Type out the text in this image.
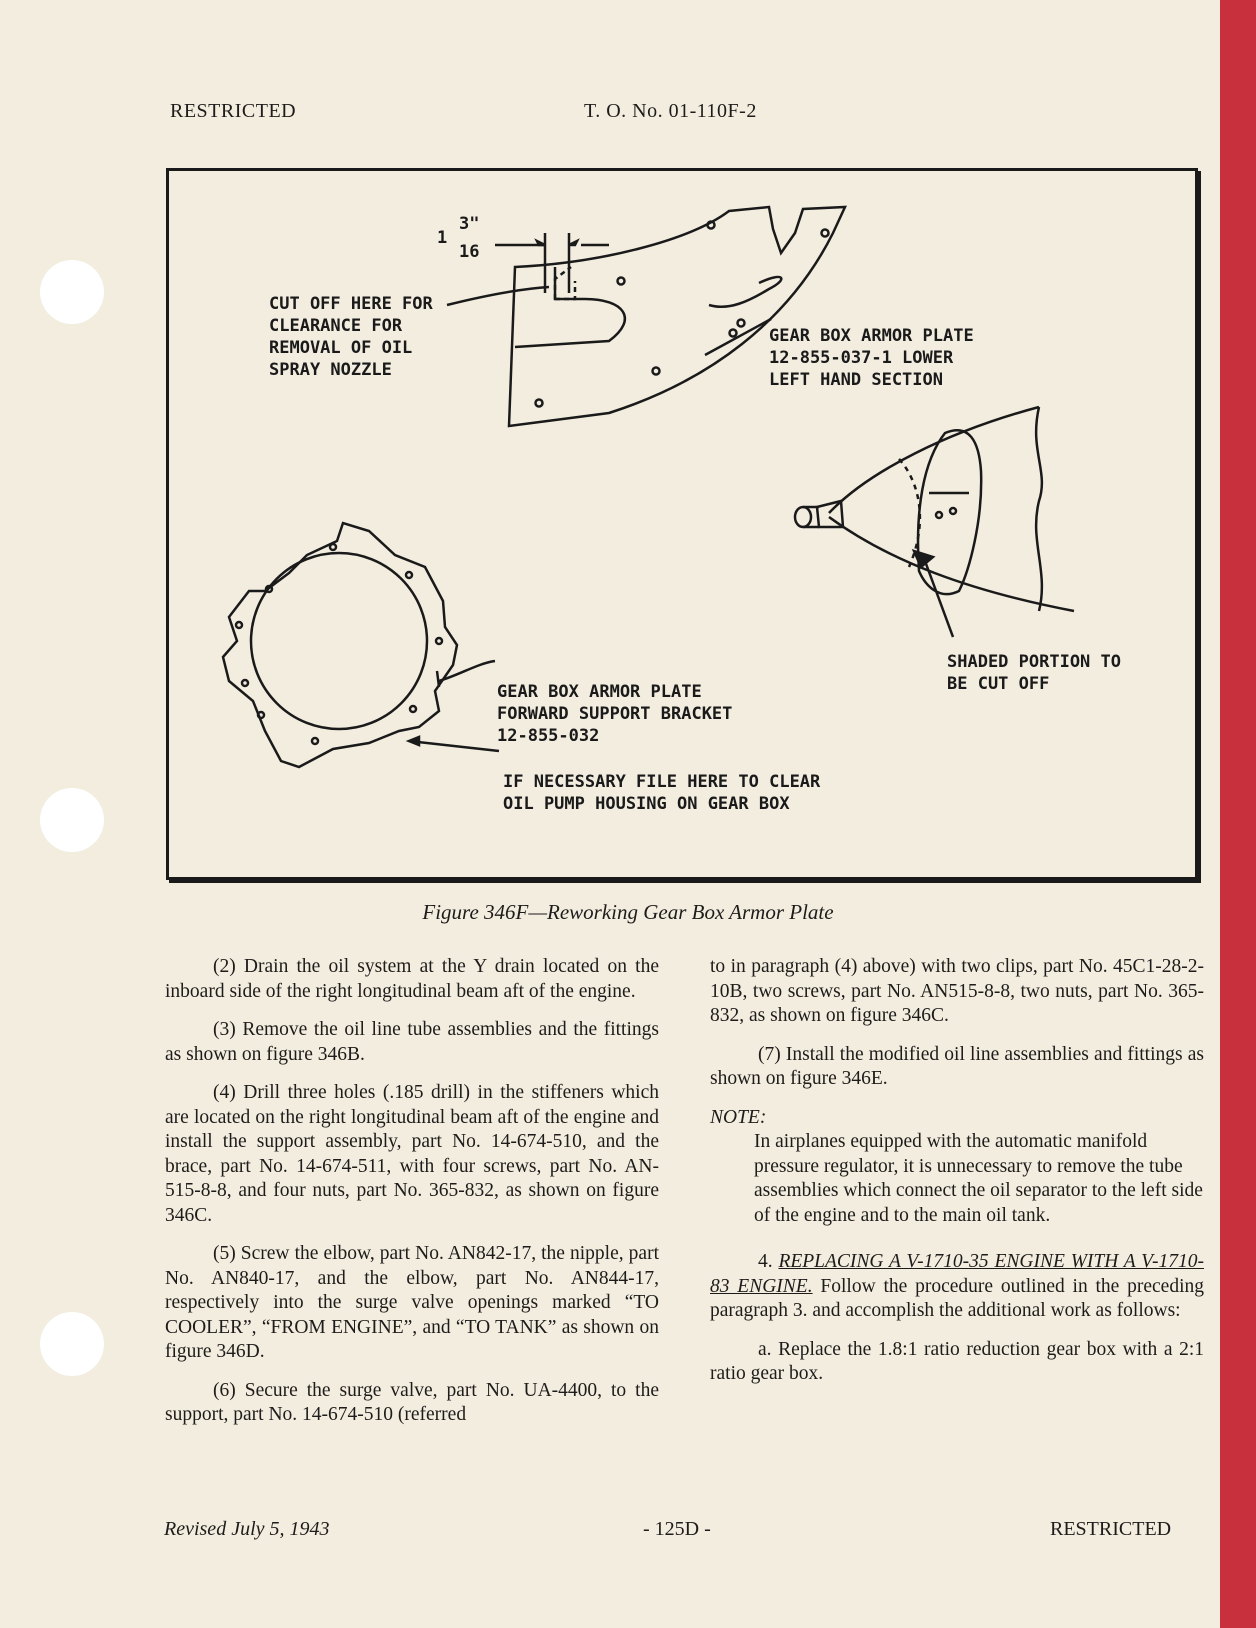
RESTRICTED	T. O. No. 01-110F-2
1
3"
16
CUT OFF HERE FOR
CLEARANCE FOR
REMOVAL OF OIL
SPRAY NOZZLE
GEAR BOX ARMOR PLATE
12-855-037-1 LOWER
LEFT HAND SECTION
GEAR BOX ARMOR PLATE
FORWARD SUPPORT BRACKET
12-855-032
IF NECESSARY FILE HERE TO CLEAR
OIL PUMP HOUSING ON GEAR BOX
SHADED PORTION TO
BE CUT OFF
Figure 346F—Reworking Gear Box Armor Plate

(2) Drain the oil system at the Y drain located on the inboard side of the right longitudinal beam aft of the engine.

(3) Remove the oil line tube assemblies and the fittings as shown on figure 346B.

(4) Drill three holes (.185 drill) in the stiffeners which are located on the right longitudinal beam aft of the engine and install the support assembly, part No. 14-674-510, and the brace, part No. 14-674-511, with four screws, part No. AN-515-8-8, and four nuts, part No. 365-832, as shown on figure 346C.

(5) Screw the elbow, part No. AN842-17, the nipple, part No. AN840-17, and the elbow, part No. AN844-17, respectively into the surge valve openings marked “TO COOLER”, “FROM ENGINE”, and “TO TANK” as shown on figure 346D.

(6) Secure the surge valve, part No. UA-4400, to the support, part No. 14-674-510 (referred

to in paragraph (4) above) with two clips, part No. 45C1-28-2-10B, two screws, part No. AN515-8-8, two nuts, part No. 365-832, as shown on figure 346C.

(7) Install the modified oil line assemblies and fittings as shown on figure 346E.

NOTE:
In airplanes equipped with the automatic manifold pressure regulator, it is unnecessary to remove the tube assemblies which connect the oil separator to the left side of the engine and to the main oil tank.

4. REPLACING A V-1710-35 ENGINE WITH A V-1710-83 ENGINE. Follow the procedure outlined in the preceding paragraph 3. and accomplish the additional work as follows:

a. Replace the 1.8:1 ratio reduction gear box with a 2:1 ratio gear box.

Revised July 5, 1943	- 125D -	RESTRICTED
